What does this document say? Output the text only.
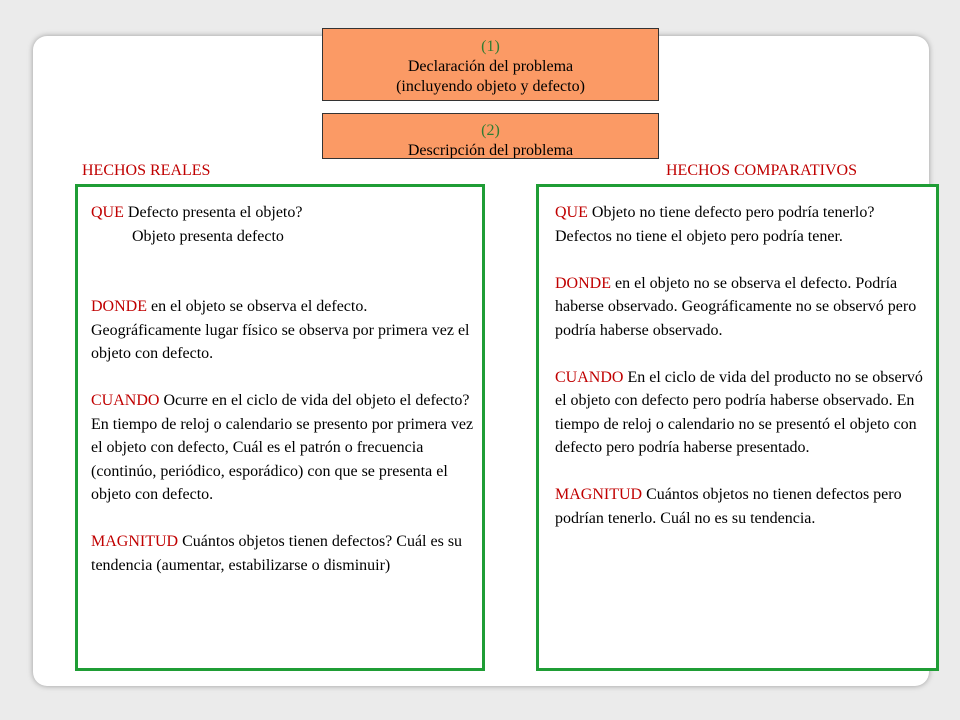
(1)
Declaración del problema
(incluyendo objeto y defecto)
(2)
Descripción del problema
HECHOS REALES	HECHOS COMPARATIVOS
QUE Defecto presenta el objeto?
Objeto presenta defecto
DONDE en el objeto se observa el defecto. Geográficamente lugar físico se observa por primera vez el objeto con defecto.
CUANDO Ocurre en el ciclo de vida del objeto el defecto? En tiempo de reloj o calendario se presento por primera vez el objeto con defecto, Cuál es el patrón o frecuencia (continúo, periódico, esporádico) con que se presenta el objeto con defecto.
MAGNITUD Cuántos objetos tienen defectos? Cuál es su tendencia (aumentar, estabilizarse o disminuir)
QUE Objeto no tiene defecto pero podría tenerlo? Defectos no tiene el objeto pero podría tener.
DONDE en el objeto no se observa el defecto. Podría haberse observado. Geográficamente no se observó pero podría haberse observado.
CUANDO En el ciclo de vida del producto no se observó el objeto con defecto pero podría haberse observado. En tiempo de reloj o calendario no se presentó el objeto con defecto pero podría haberse presentado.
MAGNITUD Cuántos objetos no tienen defectos pero podrían tenerlo. Cuál no es su tendencia.
